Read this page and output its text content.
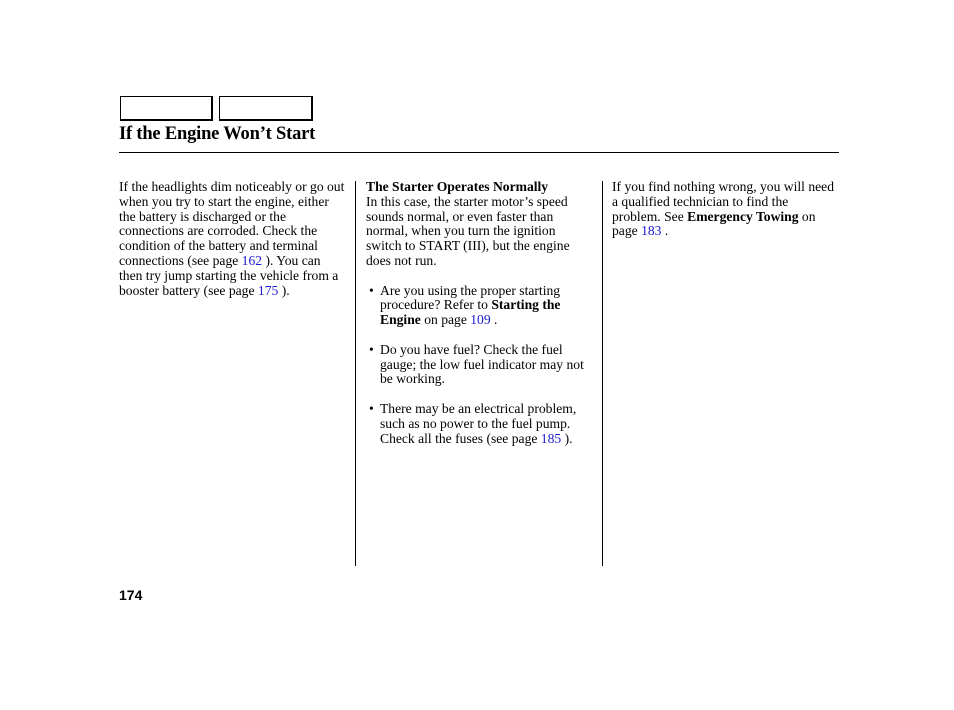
If the Engine Won’t Start

If the headlights dim noticeably or go out when you try to start the engine, either the battery is discharged or the connections are corroded. Check the condition of the battery and terminal connections (see page 162 ). You can then try jump starting the vehicle from a booster battery (see page 175 ).

The Starter Operates Normally

In this case, the starter motor’s speed sounds normal, or even faster than normal, when you turn the ignition switch to START (III), but the engine does not run.

• Are you using the proper starting procedure? Refer to Starting the Engine on page 109 .

• Do you have fuel? Check the fuel gauge; the low fuel indicator may not be working.

• There may be an electrical problem, such as no power to the fuel pump. Check all the fuses (see page 185 ).

If you find nothing wrong, you will need a qualified technician to find the problem. See Emergency Towing on page 183 .

174
